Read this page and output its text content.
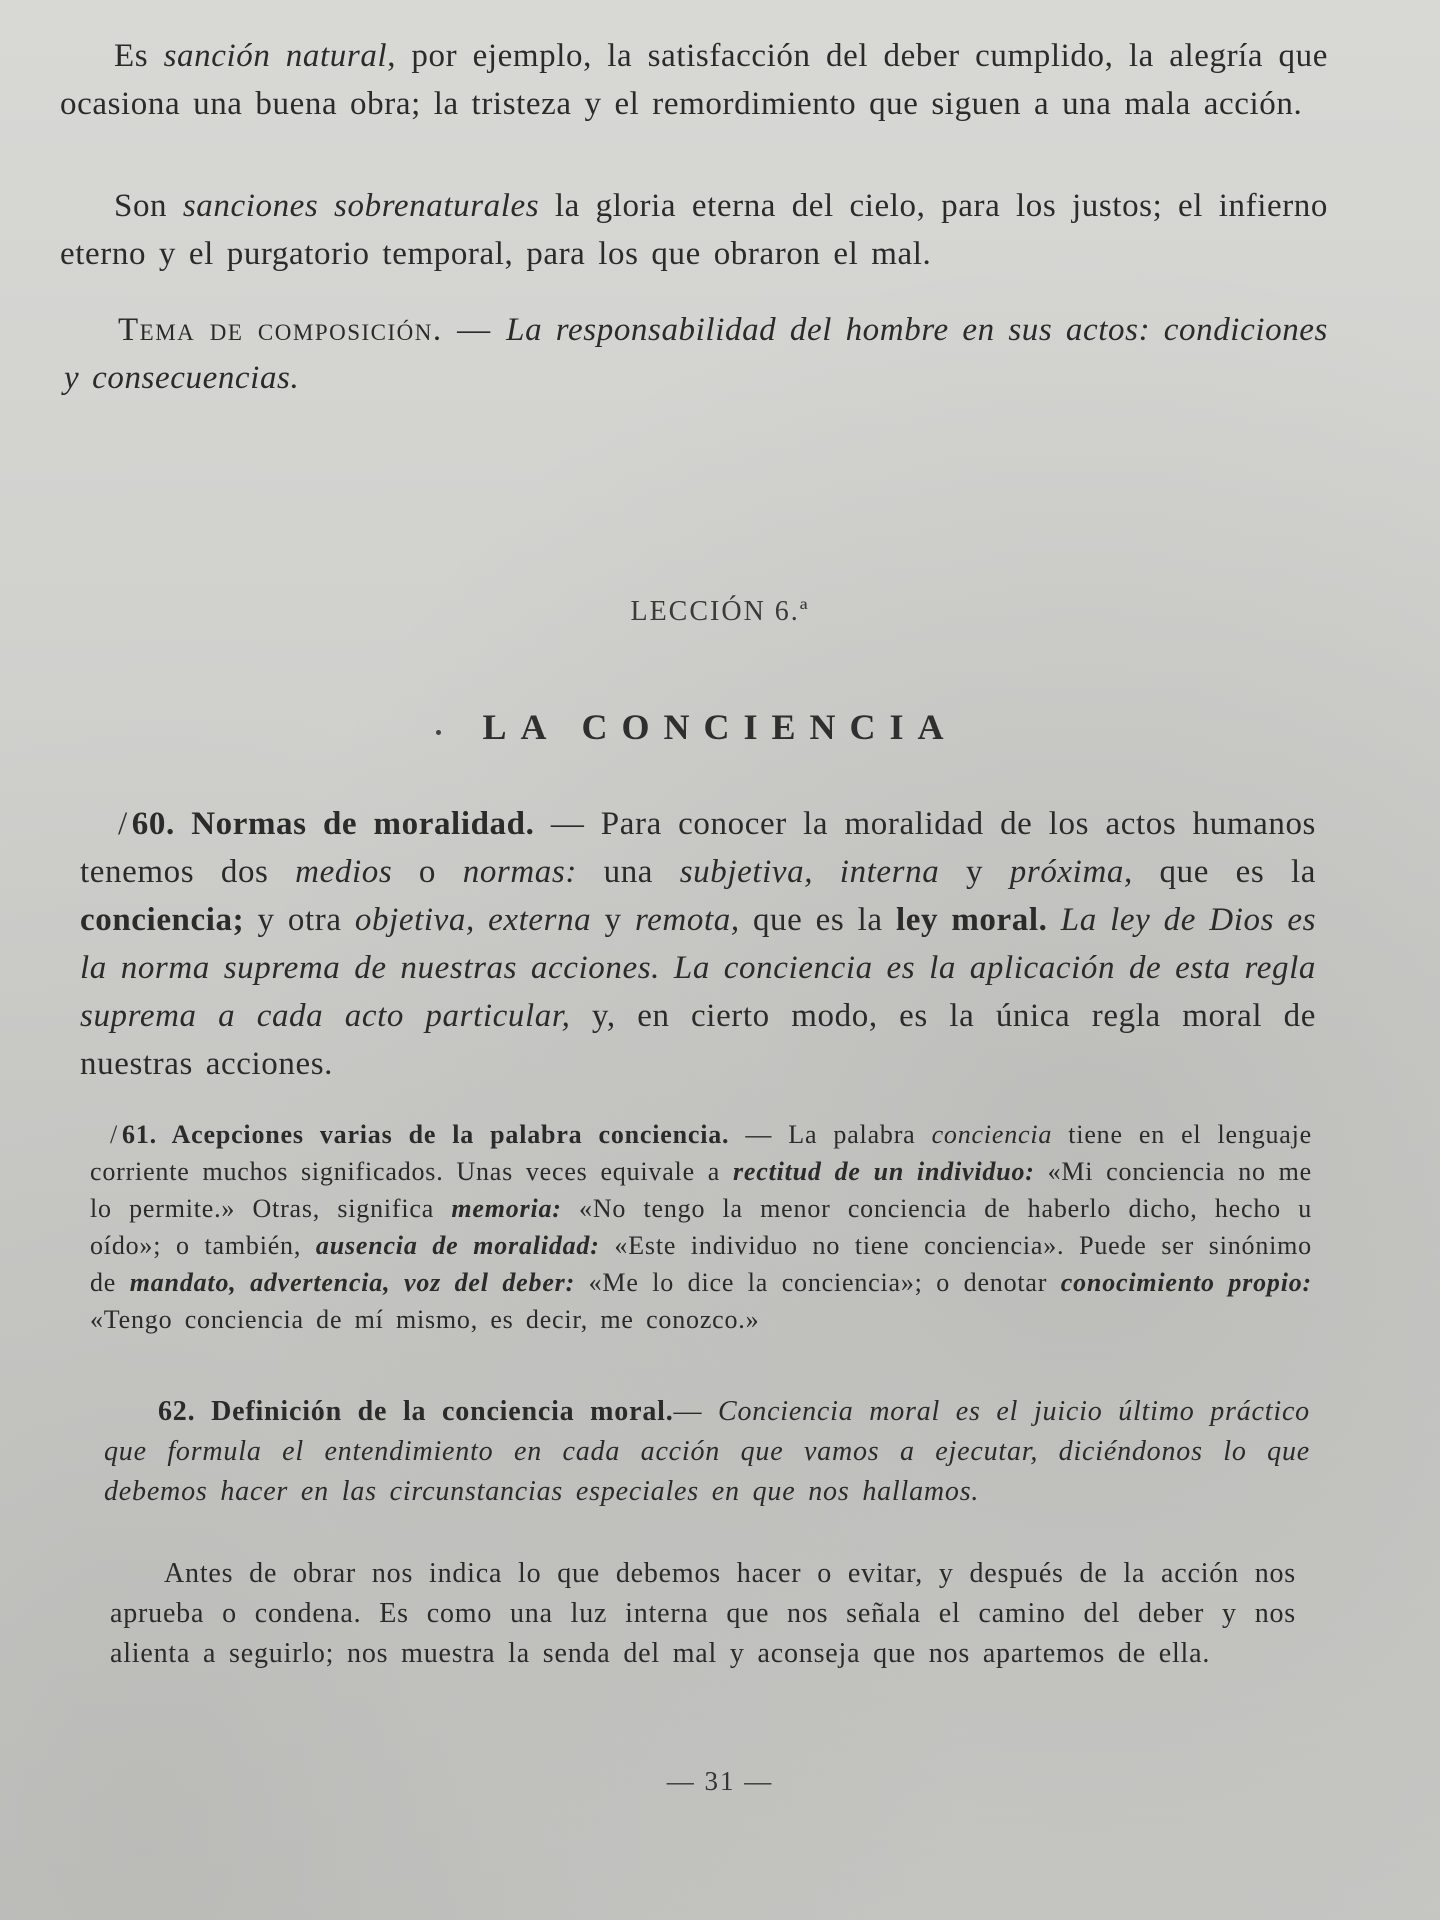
Es sanción natural, por ejemplo, la satisfacción del deber cumplido, la alegría que ocasiona una buena obra; la tristeza y el remordimiento que siguen a una mala acción.

Son sanciones sobrenaturales la gloria eterna del cielo, para los justos; el infierno eterno y el purgatorio temporal, para los que obraron el mal.

Tema de composición. — La responsabilidad del hombre en sus actos: condiciones y consecuencias.

LECCIÓN 6.ª
LA CONCIENCIA

/ 60. Normas de moralidad. — Para conocer la moralidad de los actos humanos tenemos dos medios o normas: una subjetiva, interna y próxima, que es la conciencia; y otra objetiva, externa y remota, que es la ley moral. La ley de Dios es la norma suprema de nuestras acciones. La conciencia es la aplicación de esta regla suprema a cada acto particular, y, en cierto modo, es la única regla moral de nuestras acciones.

/ 61. Acepciones varias de la palabra conciencia. — La palabra conciencia tiene en el lenguaje corriente muchos significados. Unas veces equivale a rectitud de un individuo: «Mi conciencia no me lo permite.» Otras, significa memoria: «No tengo la menor conciencia de haberlo dicho, hecho u oído»; o también, ausencia de moralidad: «Este individuo no tiene conciencia». Puede ser sinónimo de mandato, advertencia, voz del deber: «Me lo dice la conciencia»; o denotar conocimiento propio: «Tengo conciencia de mí mismo, es decir, me conozco.»

62. Definición de la conciencia moral.— Conciencia moral es el juicio último práctico que formula el entendimiento en cada acción que vamos a ejecutar, diciéndonos lo que debemos hacer en las circunstancias especiales en que nos hallamos.

Antes de obrar nos indica lo que debemos hacer o evitar, y después de la acción nos aprueba o condena. Es como una luz interna que nos señala el camino del deber y nos alienta a seguirlo; nos muestra la senda del mal y aconseja que nos apartemos de ella.

— 31 —
